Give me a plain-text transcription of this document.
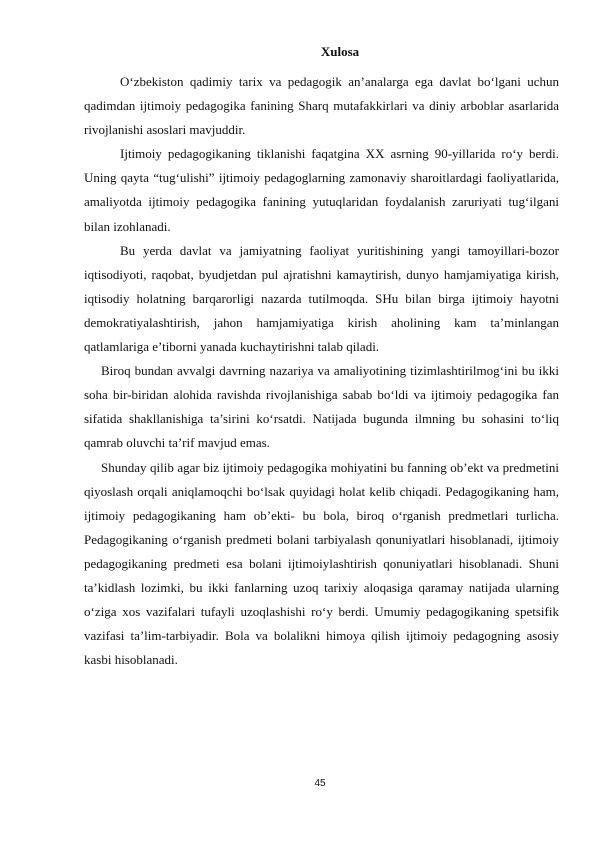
Xulosa

O‘zbekiston qadimiy tarix va pedagogik an’analarga ega davlat bo‘lgani uchun qadimdan ijtimoiy pedagogika fanining Sharq mutafakkirlari va diniy arboblar asarlarida rivojlanishi asoslari mavjuddir.

Ijtimoiy pedagogikaning tiklanishi faqatgina XX asrning 90-yillarida ro‘y berdi. Uning qayta “tug‘ulishi” ijtimoiy pedagoglarning zamonaviy sharoitlardagi faoliyatlarida, amaliyotda ijtimoiy pedagogika fanining yutuqlaridan foydalanish zaruriyati tug‘ilgani bilan izohlanadi.

Bu yerda davlat va jamiyatning faoliyat yuritishining yangi tamoyillari-bozor iqtisodiyoti, raqobat, byudjetdan pul ajratishni kamaytirish, dunyo hamjamiyatiga kirish, iqtisodiy holatning barqarorligi nazarda tutilmoqda. SHu bilan birga ijtimoiy hayotni demokratiyalashtirish, jahon hamjamiyatiga kirish aholining kam ta’minlangan qatlamlariga e’tiborni yanada kuchaytirishni talab qiladi.

Biroq bundan avvalgi davrning nazariya va amaliyotining tizimlashtirilmog‘ini bu ikki soha bir-biridan alohida ravishda rivojlanishiga sabab bo‘ldi va ijtimoiy pedagogika fan sifatida shakllanishiga ta’sirini ko‘rsatdi. Natijada bugunda ilmning bu sohasini to‘liq qamrab oluvchi ta’rif mavjud emas.

Shunday qilib agar biz ijtimoiy pedagogika mohiyatini bu fanning ob’ekt va predmetini qiyoslash orqali aniqlamoqchi bo‘lsak quyidagi holat kelib chiqadi. Pedagogikaning ham, ijtimoiy pedagogikaning ham ob’ekti- bu bola, biroq o‘rganish predmetlari turlicha. Pedagogikaning o‘rganish predmeti bolani tarbiyalash qonuniyatlari hisoblanadi, ijtimoiy pedagogikaning predmeti esa bolani ijtimoiylashtirish qonuniyatlari hisoblanadi. Shuni ta’kidlash lozimki, bu ikki fanlarning uzoq tarixiy aloqasiga qaramay natijada ularning o‘ziga xos vazifalari tufayli uzoqlashishi ro‘y berdi. Umumiy pedagogikaning spetsifik vazifasi ta’lim-tarbiyadir. Bola va bolalikni himoya qilish ijtimoiy pedagogning asosiy kasbi hisoblanadi.

45
